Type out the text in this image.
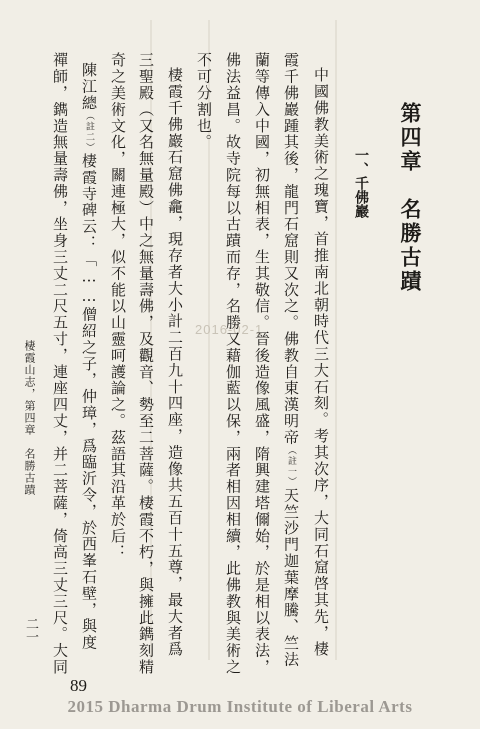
2016-02-1
第四章　名勝古蹟
一、千佛巖
中國佛教美術之瑰寶，首推南北朝時代三大石刻。考其次序，大同石窟啓其先，棲
霞千佛巖踵其後，龍門石窟則又次之。佛教自東漢明帝（註一）天竺沙門迦葉摩騰、竺法
蘭等傳入中國，初無相表，生其敬信。晉後造像風盛，隋興建塔儞始，於是相以表法，
佛法益昌。故寺院每以古蹟而存，名勝又藉伽藍以保，兩者相因相續，此佛教與美術之
不可分割也。
棲霞千佛巖石窟佛龕，現存者大小計二百九十四座，造像共五百十五尊，最大者爲
三聖殿（又名無量殿）中之無量壽佛，及觀音、勢至二菩薩。棲霞不朽，與擁此鐫刻精
奇之美術文化，關連極大，似不能以山靈呵護論之。茲語其沿革於后：
陳江總（註二）棲霞寺碑云：「……僧紹之子，仲璋，爲臨沂令，於西峯石壁，與度
禪師，鐫造無量壽佛，坐身三丈二尺五寸，連座四丈，并二菩薩，倚高三丈三尺。大同
棲霞山志，第四章　名勝古蹟
二一
89
2015 Dharma Drum Institute of Liberal Arts
